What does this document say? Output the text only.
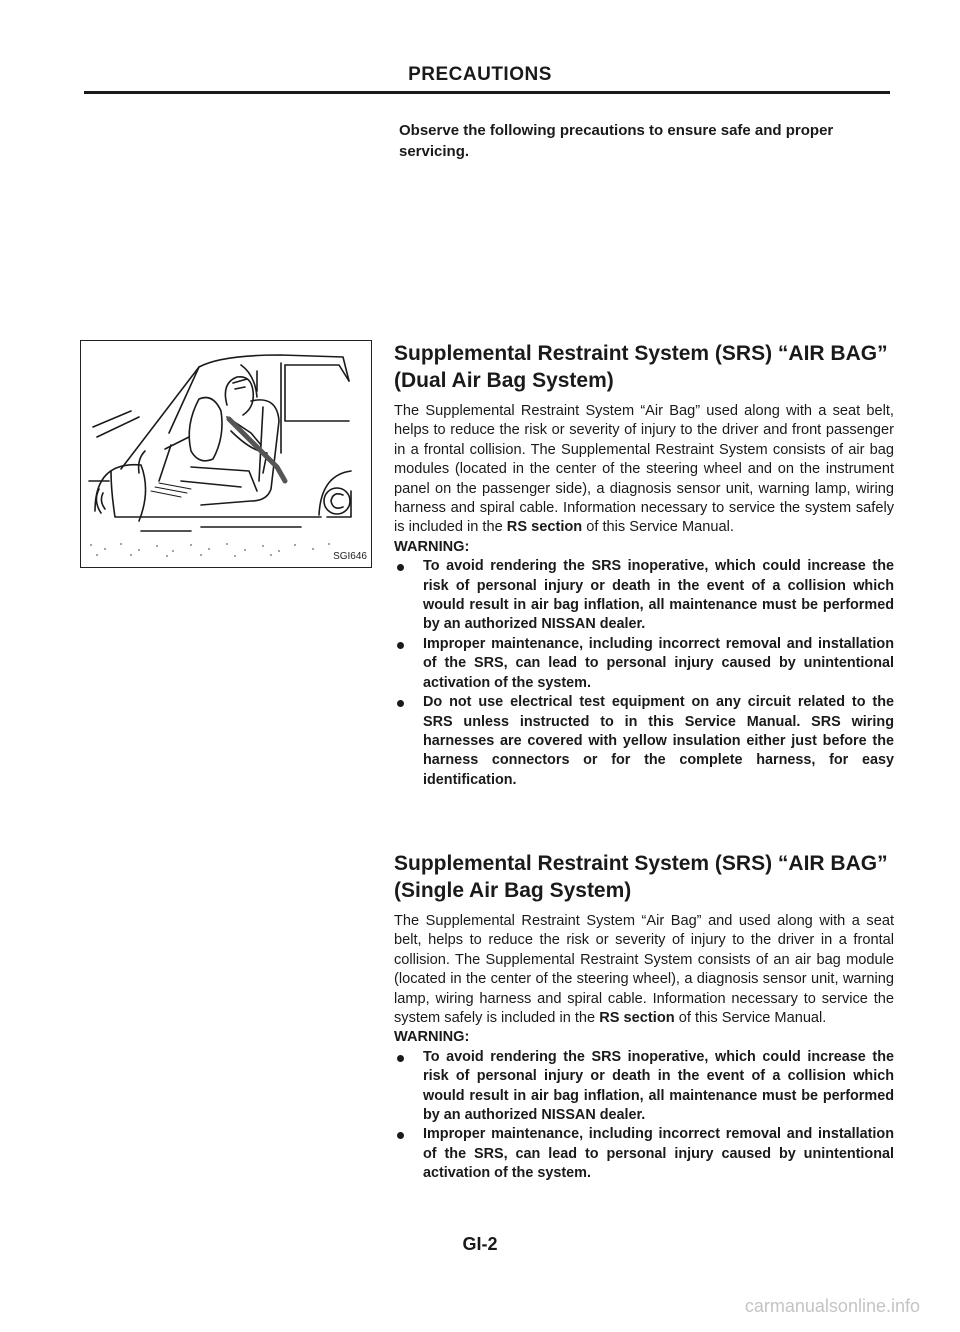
PRECAUTIONS
Observe the following precautions to ensure safe and proper servicing.
SGI646
Supplemental Restraint System (SRS) “AIR BAG” (Dual Air Bag System)
The Supplemental Restraint System “Air Bag” used along with a seat belt, helps to reduce the risk or severity of injury to the driver and front passenger in a frontal collision. The Supplemental Restraint System consists of air bag modules (located in the center of the steering wheel and on the instrument panel on the passenger side), a diagnosis sensor unit, warning lamp, wiring harness and spiral cable. Information necessary to service the system safely is included in the RS section of this Service Manual.
WARNING:
To avoid rendering the SRS inoperative, which could increase the risk of personal injury or death in the event of a collision which would result in air bag inflation, all maintenance must be performed by an authorized NISSAN dealer.
Improper maintenance, including incorrect removal and installation of the SRS, can lead to personal injury caused by unintentional activation of the system.
Do not use electrical test equipment on any circuit related to the SRS unless instructed to in this Service Manual. SRS wiring harnesses are covered with yellow insulation either just before the harness connectors or for the complete harness, for easy identification.
Supplemental Restraint System (SRS) “AIR BAG” (Single Air Bag System)
The Supplemental Restraint System “Air Bag” and used along with a seat belt, helps to reduce the risk or severity of injury to the driver in a frontal collision. The Supplemental Restraint System consists of an air bag module (located in the center of the steering wheel), a diagnosis sensor unit, warning lamp, wiring harness and spiral cable. Information necessary to service the system safely is included in the RS section of this Service Manual.
WARNING:
To avoid rendering the SRS inoperative, which could increase the risk of personal injury or death in the event of a collision which would result in air bag inflation, all maintenance must be performed by an authorized NISSAN dealer.
Improper maintenance, including incorrect removal and installation of the SRS, can lead to personal injury caused by unintentional activation of the system.
GI-2
carmanualsonline.info
